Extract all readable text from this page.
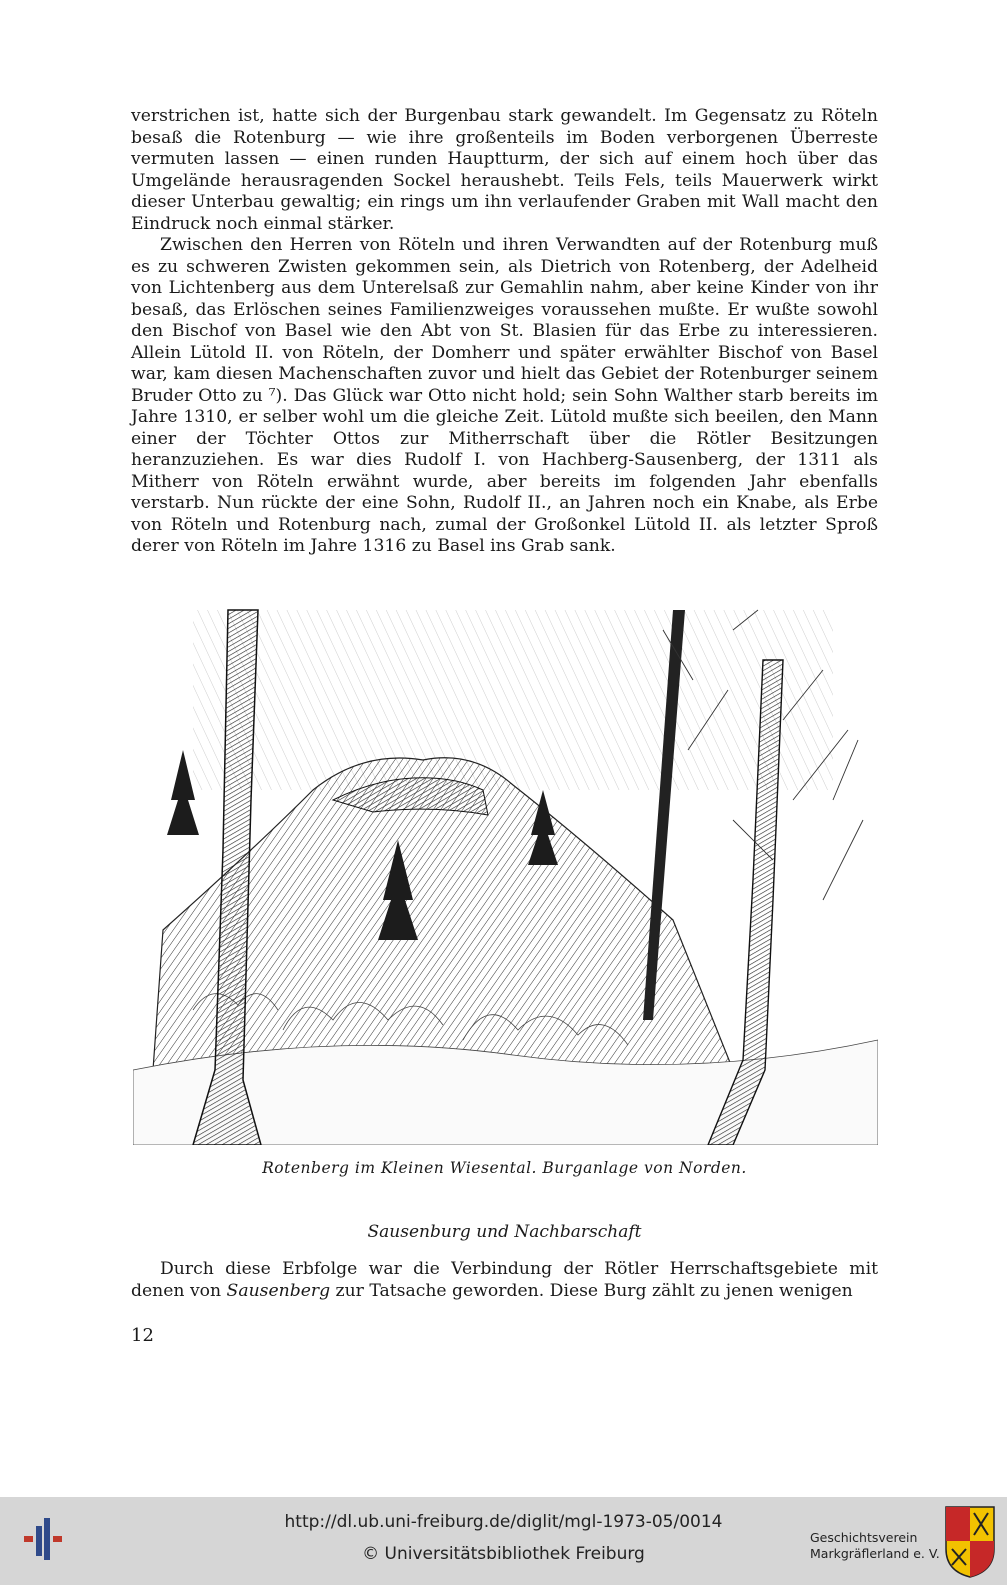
verstrichen ist, hatte sich der Burgenbau stark gewandelt. Im Gegensatz zu Röteln besaß die Rotenburg — wie ihre großenteils im Boden verborgenen Überreste vermuten lassen — einen runden Hauptturm, der sich auf einem hoch über das Umgelände herausragenden Sockel heraushebt. Teils Fels, teils Mauerwerk wirkt dieser Unterbau gewaltig; ein rings um ihn verlaufender Graben mit Wall macht den Eindruck noch einmal stärker.

Zwischen den Herren von Röteln und ihren Verwandten auf der Rotenburg muß es zu schweren Zwisten gekommen sein, als Dietrich von Rotenberg, der Adelheid von Lichtenberg aus dem Unterelsaß zur Gemahlin nahm, aber keine Kinder von ihr besaß, das Erlöschen seines Familienzweiges voraussehen mußte. Er wußte sowohl den Bischof von Basel wie den Abt von St. Blasien für das Erbe zu interessieren. Allein Lütold II. von Röteln, der Domherr und später erwählter Bischof von Basel war, kam diesen Machenschaften zuvor und hielt das Gebiet der Rotenburger seinem Bruder Otto zu ⁷). Das Glück war Otto nicht hold; sein Sohn Walther starb bereits im Jahre 1310, er selber wohl um die gleiche Zeit. Lütold mußte sich beeilen, den Mann einer der Töchter Ottos zur Mitherrschaft über die Rötler Besitzungen heranzuziehen. Es war dies Rudolf I. von Hachberg-Sausenberg, der 1311 als Mitherr von Röteln erwähnt wurde, aber bereits im folgenden Jahr ebenfalls verstarb. Nun rückte der eine Sohn, Rudolf II., an Jahren noch ein Knabe, als Erbe von Röteln und Rotenburg nach, zumal der Großonkel Lütold II. als letzter Sproß derer von Röteln im Jahre 1316 zu Basel ins Grab sank.

Rotenberg im Kleinen Wiesental. Burganlage von Norden.
Sausenburg und Nachbarschaft

Durch diese Erbfolge war die Verbindung der Rötler Herrschaftsgebiete mit denen von Sausenberg zur Tatsache geworden. Diese Burg zählt zu jenen wenigen

12
http://dl.ub.uni-freiburg.de/diglit/mgl-1973-05/0014
© Universitätsbibliothek Freiburg
Geschichtsverein
Markgräflerland e. V.
